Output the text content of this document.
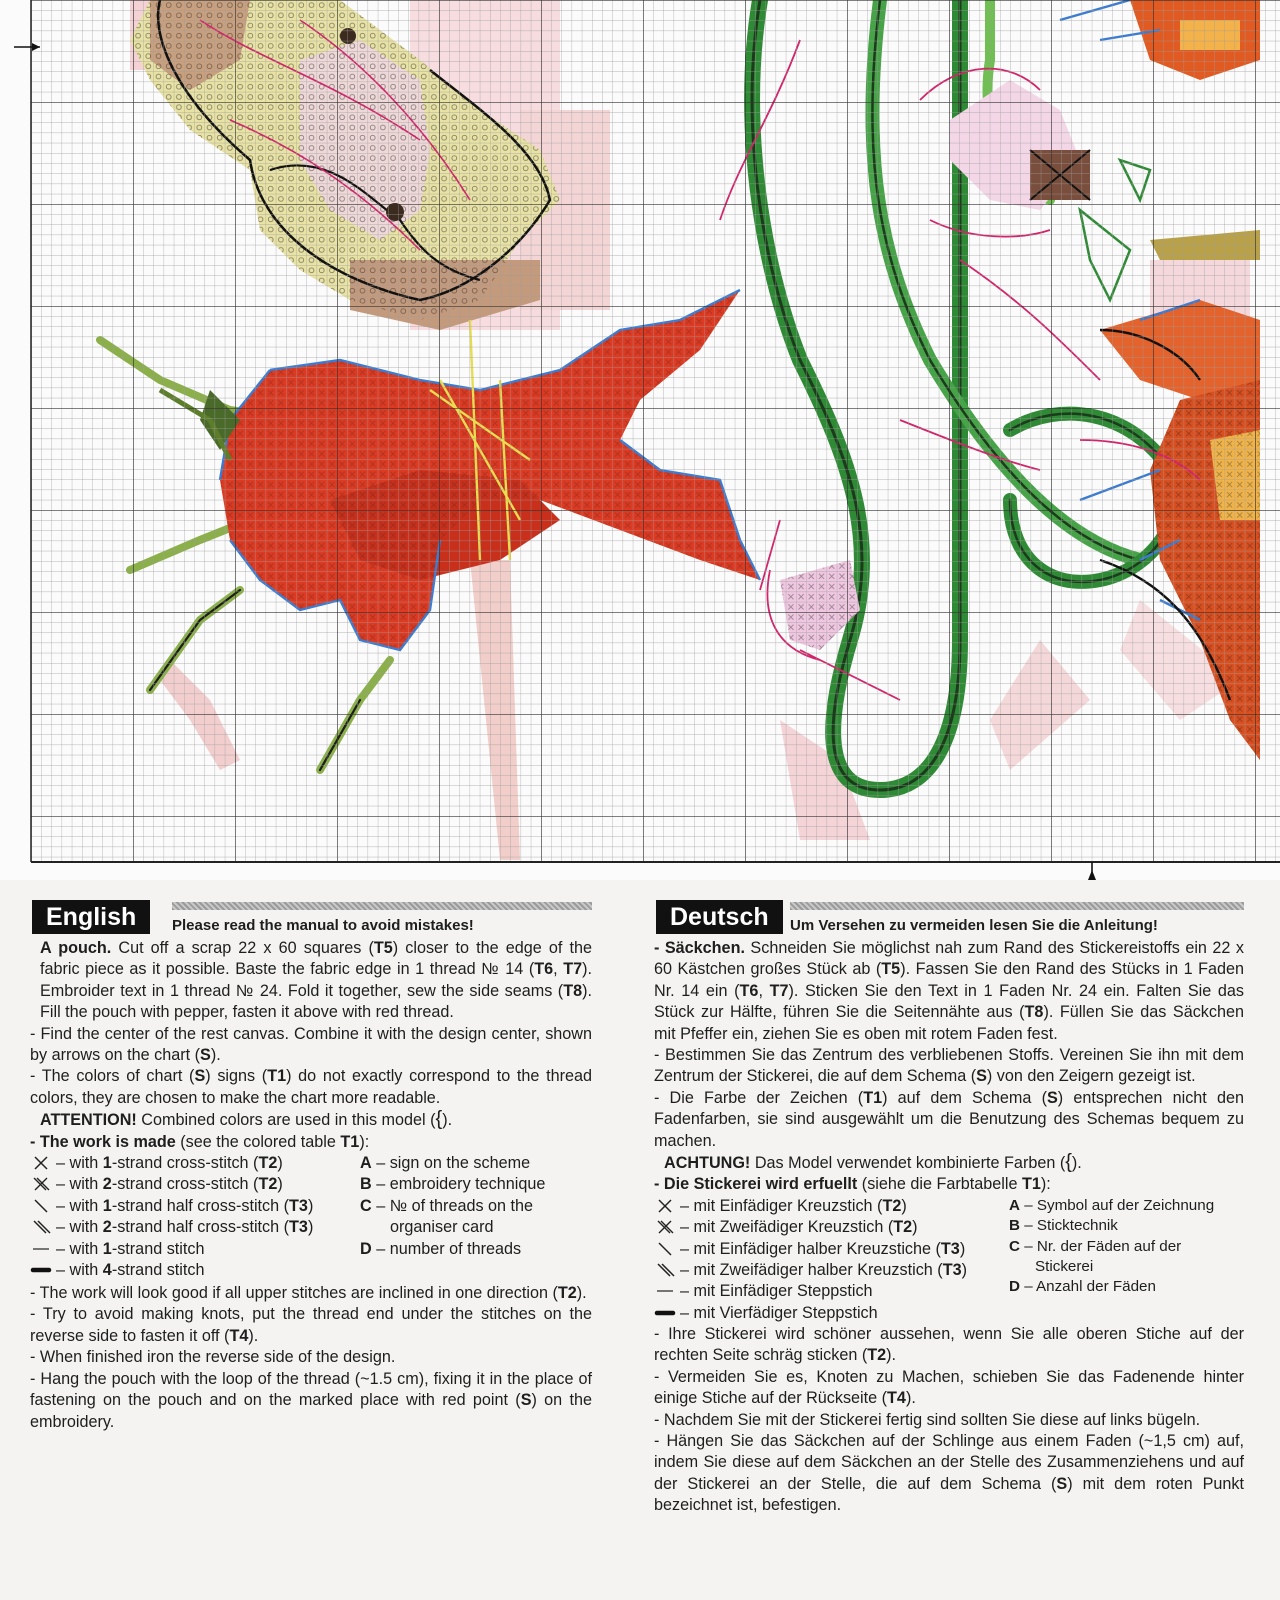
English	Please read the manual to avoid mistakes!

A pouch. Cut off a scrap 22 x 60 squares (T5) closer to the edge of the fabric piece as it possible. Baste the fabric edge in 1 thread № 14 (T6, T7). Embroider text in 1 thread № 24. Fold it together, sew the side seams (T8). Fill the pouch with pepper, fasten it above with red thread.

- Find the center of the rest canvas. Combine it with the design center, shown by arrows on the chart (S).

- The colors of chart (S) signs (T1) do not exactly correspond to the thread colors, they are chosen to make the chart more readable.

ATTENTION! Combined colors are used in this model ({).

- The work is made (see the colored table T1):

– with 1-strand cross-stitch (T2)
– with 2-strand cross-stitch (T2)
– with 1-strand half cross-stitch (T3)
– with 2-strand half cross-stitch (T3)
– with 1-strand stitch
– with 4-strand stitch
A – sign on the scheme
B – embroidery technique
C – № of threads on the
organiser card
D – number of threads

- The work will look good if all upper stitches are inclined in one direction (T2).

- Try to avoid making knots, put the thread end under the stitches on the reverse side to fasten it off (T4).

- When finished iron the reverse side of the design.

- Hang the pouch with the loop of the thread (~1.5 cm), fixing it in the place of fastening on the pouch and on the marked place with red point (S) on the embroidery.

Deutsch	Um Versehen zu vermeiden lesen Sie die Anleitung!

- Säckchen. Schneiden Sie möglichst nah zum Rand des Stickereistoffs ein 22 x 60 Kästchen großes Stück ab (T5). Fassen Sie den Rand des Stücks in 1 Faden Nr. 14 ein (T6, T7). Sticken Sie den Text in 1 Faden Nr. 24 ein. Falten Sie das Stück zur Hälfte, führen Sie die Seitennähte aus (T8). Füllen Sie das Säckchen mit Pfeffer ein, ziehen Sie es oben mit rotem Faden fest.

- Bestimmen Sie das Zentrum des verbliebenen Stoffs. Vereinen Sie ihn mit dem Zentrum der Stickerei, die auf dem Schema (S) von den Zeigern gezeigt ist.

- Die Farbe der Zeichen (T1) auf dem Schema (S) entsprechen nicht den Fadenfarben, sie sind ausgewählt um die Benutzung des Schemas bequem zu machen.

ACHTUNG! Das Model verwendet kombinierte Farben ({).

- Die Stickerei wird erfuellt (siehe die Farbtabelle T1):

– mit Einfädiger Kreuzstich (T2)
– mit Zweifädiger Kreuzstich (T2)
– mit Einfädiger halber Kreuzstiche (T3)
– mit Zweifädiger halber Kreuzstich (T3)
– mit Einfädiger Steppstich
– mit Vierfädiger Steppstich
A – Symbol auf der Zeichnung
B – Sticktechnik
C – Nr. der Fäden auf der
Stickerei
D – Anzahl der Fäden

- Ihre Stickerei wird schöner aussehen, wenn Sie alle oberen Stiche auf der rechten Seite schräg sticken (T2).

- Vermeiden Sie es, Knoten zu Machen, schieben Sie das Fadenende hinter einige Stiche auf der Rückseite (T4).

- Nachdem Sie mit der Stickerei fertig sind sollten Sie diese auf links bügeln.

- Hängen Sie das Säckchen auf der Schlinge aus einem Faden (~1,5 cm) auf, indem Sie diese auf dem Säckchen an der Stelle des Zusammenziehens und auf der Stickerei an der Stelle, die auf dem Schema (S) mit dem roten Punkt bezeichnet ist, befestigen.
